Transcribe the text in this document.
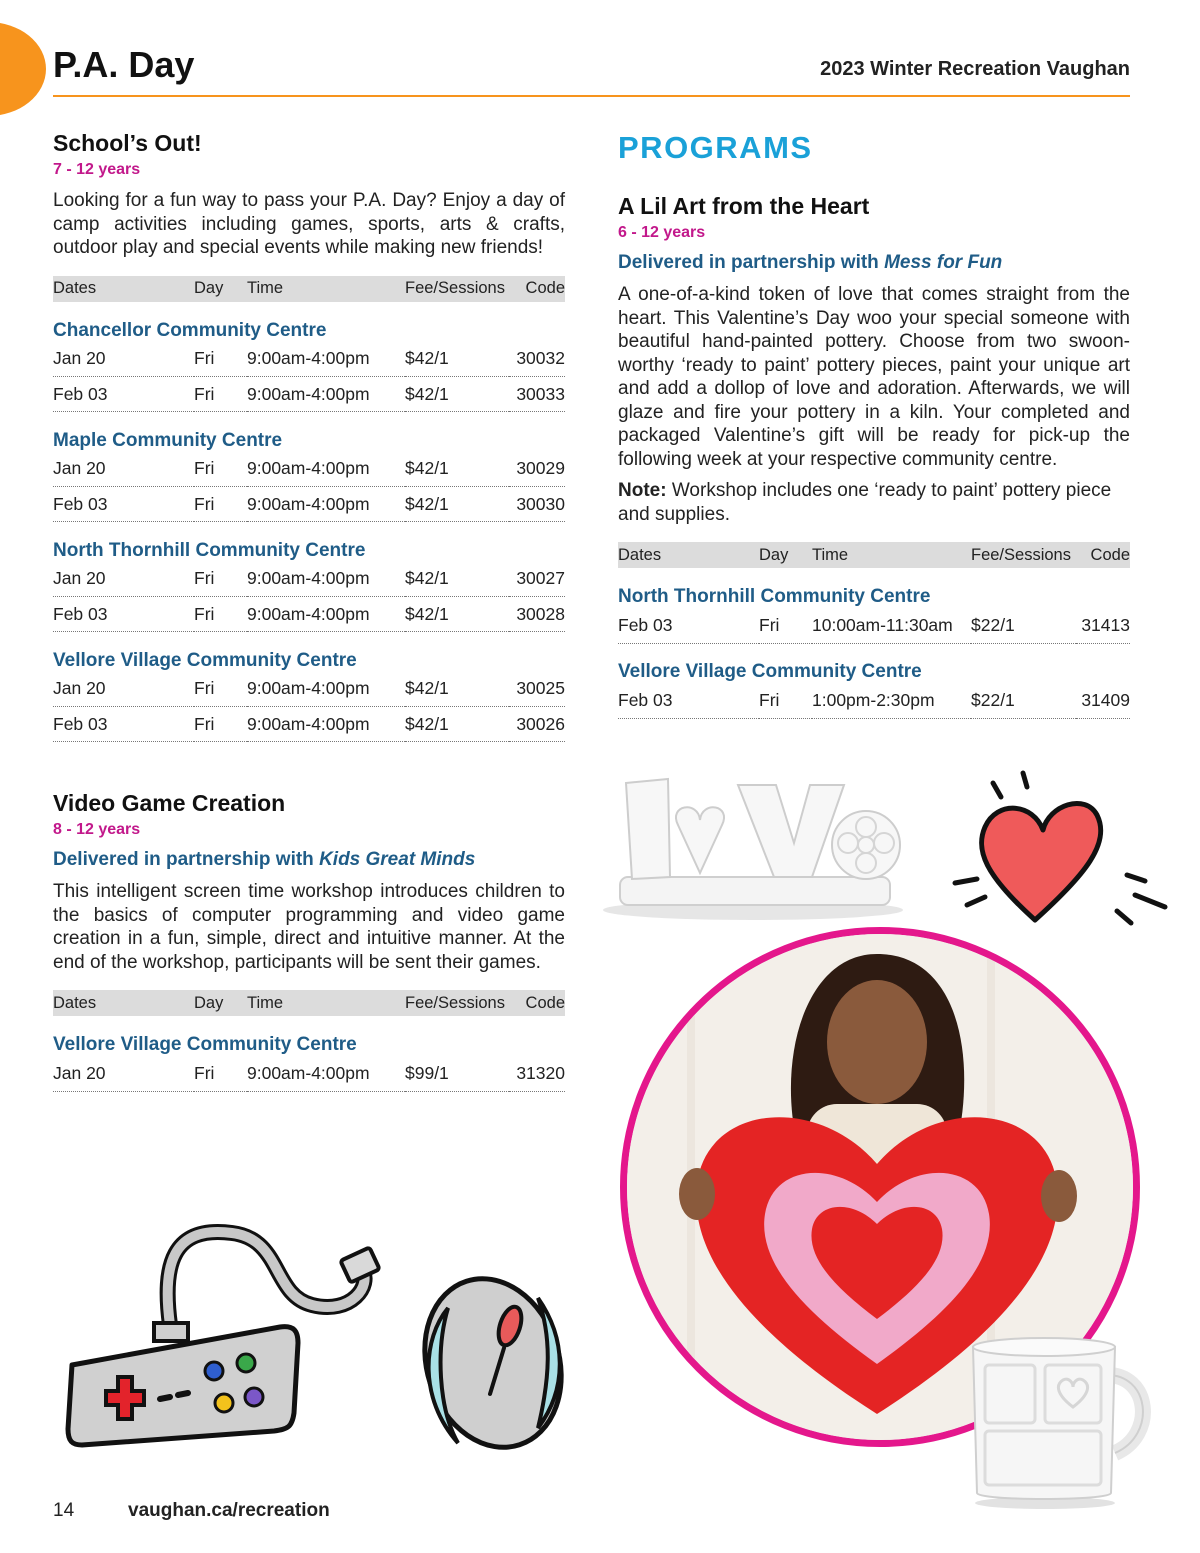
P.A. Day	2023 Winter Recreation Vaughan
School’s Out!
7 - 12 years

Looking for a fun way to pass your P.A. Day? Enjoy a day of camp activities including games, sports, arts & crafts, outdoor play and special events while making new friends!

Dates	Day	Time	Fee/Sessions	Code
Chancellor Community Centre				
Jan 20	Fri	9:00am-4:00pm	$42/1	30032
Feb 03	Fri	9:00am-4:00pm	$42/1	30033
Maple Community Centre				
Jan 20	Fri	9:00am-4:00pm	$42/1	30029
Feb 03	Fri	9:00am-4:00pm	$42/1	30030
North Thornhill Community Centre				
Jan 20	Fri	9:00am-4:00pm	$42/1	30027
Feb 03	Fri	9:00am-4:00pm	$42/1	30028
Vellore Village Community Centre				
Jan 20	Fri	9:00am-4:00pm	$42/1	30025
Feb 03	Fri	9:00am-4:00pm	$42/1	30026
Video Game Creation
8 - 12 years
Delivered in partnership with Kids Great Minds

This intelligent screen time workshop introduces children to the basics of computer programming and video game creation in a fun, simple, direct and intuitive manner. At the end of the workshop, participants will be sent their games.

Dates	Day	Time	Fee/Sessions	Code
Vellore Village Community Centre				
Jan 20	Fri	9:00am-4:00pm	$99/1	31320
PROGRAMS
A Lil Art from the Heart
6 - 12 years
Delivered in partnership with Mess for Fun

A one-of-a-kind token of love that comes straight from the heart. This Valentine’s Day woo your special someone with beautiful hand-painted pottery. Choose from two swoon-worthy ‘ready to paint’ pottery pieces, paint your unique art and add a dollop of love and adoration. Afterwards, we will glaze and fire your pottery in a kiln. Your completed and packaged Valentine’s gift will be ready for pick-up the following week at your respective community centre.

Note: Workshop includes one ‘ready to paint’ pottery piece and supplies.

Dates	Day	Time	Fee/Sessions	Code
North Thornhill Community Centre				
Feb 03	Fri	10:00am-11:30am	$22/1	31413
Vellore Village Community Centre				
Feb 03	Fri	1:00pm-2:30pm	$22/1	31409
14	vaughan.ca/recreation
